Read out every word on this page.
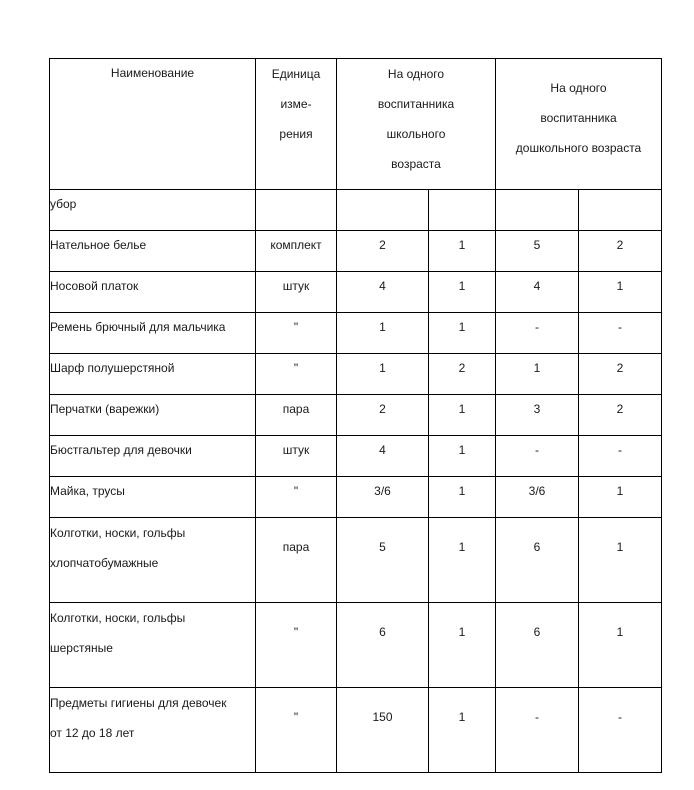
Наименование	Единица
изме-
рения	На одного
воспитанника
школьного
возраста		На одного
воспитанника
дошкольного возраста	

убор					

Нательное белье	комплект	2	1	5	2

Носовой платок	штук	4	1	4	1

Ремень брючный для мальчика	"	1	1	-	-

Шарф полушерстяной	"	1	2	1	2

Перчатки (варежки)	пара	2	1	3	2

Бюстгальтер для девочки	штук	4	1	-	-

Майка, трусы	"	3/6	1	3/6	1

Колготки, носки, гольфы
хлопчатобумажные	пара	5	1	6	1

Колготки, носки, гольфы
шерстяные	"	6	1	6	1

Предметы гигиены для девочек
от 12 до 18 лет	"	150	1	-	-
